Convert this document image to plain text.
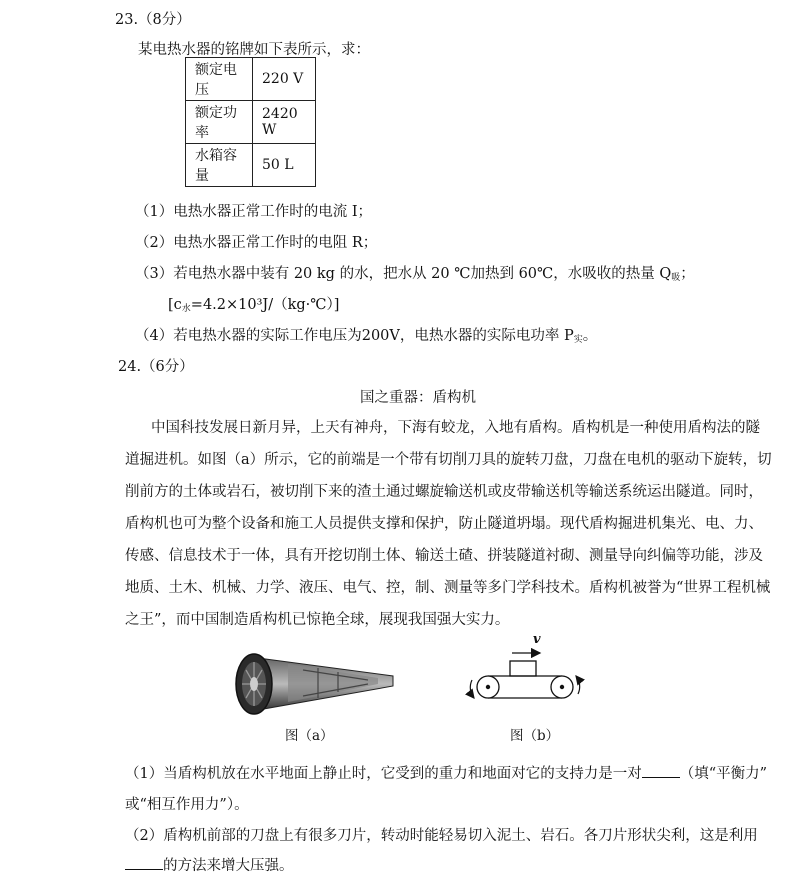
23.（8分）
某电热水器的铭牌如下表所示，求：
额定电压	220 V
额定功率	2420 W
水箱容量	50 L
（1）电热水器正常工作时的电流 I；
（2）电热水器正常工作时的电阻 R；
（3）若电热水器中装有 20 kg 的水，把水从 20 ℃加热到 60℃，水吸收的热量 $Q_吸$；
$[c_水=4.2\times 10^3J/(kg\cdot℃)]$
（4）若电热水器的实际工作电压为200V，电热水器的实际电功率 $P_实$。
24.（6分）
国之重器：盾构机
中国科技发展日新月异，上天有神舟，下海有蛟龙，入地有盾构。盾构机是一种使用盾构法的隧
道掘进机。如图（a）所示，它的前端是一个带有切削刀具的旋转刀盘，刀盘在电机的驱动下旋转，切
削前方的土体或岩石，被切削下来的渣土通过螺旋输送机或皮带输送机等输送系统运出隧道。同时，
盾构机也可为整个设备和施工人员提供支撑和保护，防止隧道坍塌。现代盾构掘进机集光、电、力、
传感、信息技术于一体，具有开挖切削土体、输送土碴、拼装隧道衬砌、测量导向纠偏等功能，涉及
地质、土木、机械、力学、液压、电气、控，制、测量等多门学科技术。盾构机被誉为“世界工程机械
之王”，而中国制造盾构机已惊艳全球，展现我国强大实力。
图（a）
v
图（b）
（1）当盾构机放在水平地面上静止时，它受到的重力和地面对它的支持力是一对	（填“平衡力”
或“相互作用力”）。
（2）盾构机前部的刀盘上有很多刀片，转动时能轻易切入泥土、岩石。各刀片形状尖利，这是利用
的方法来增大压强。
